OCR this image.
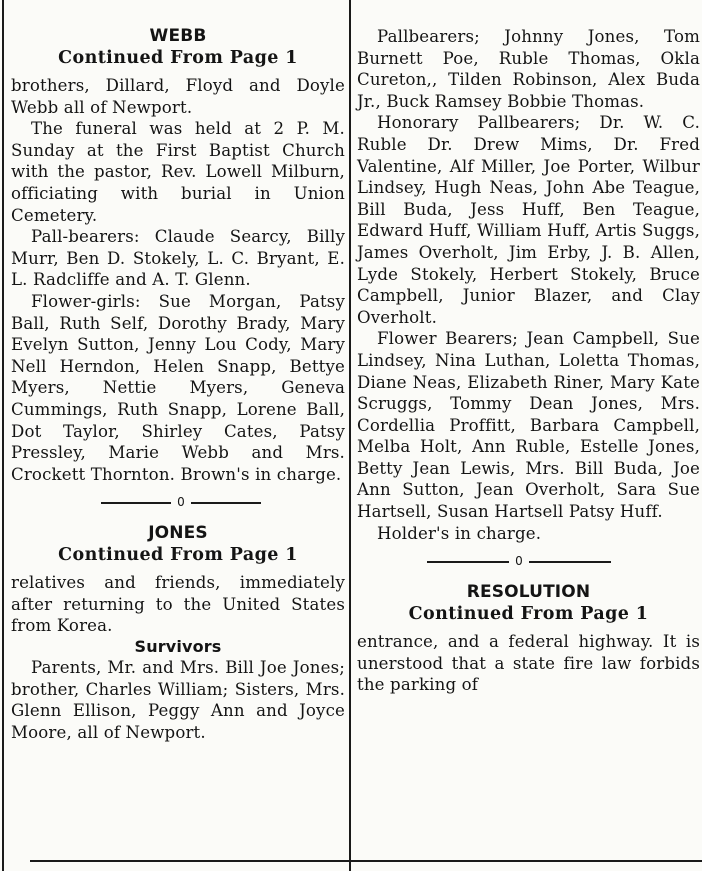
WEBB
Continued From Page 1

brothers, Dillard, Floyd and Doyle Webb all of Newport.

The funeral was held at 2 P. M. Sunday at the First Baptist Church with the pastor, Rev. Lowell Milburn, officiating with burial in Union Cemetery.

Pall-bearers: Claude Searcy, Billy Murr, Ben D. Stokely, L. C. Bryant, E. L. Radcliffe and A. T. Glenn.

Flower-girls: Sue Morgan, Patsy Ball, Ruth Self, Dorothy Brady, Mary Evelyn Sutton, Jenny Lou Cody, Mary Nell Herndon, Helen Snapp, Bettye Myers, Nettie Myers, Geneva Cummings, Ruth Snapp, Lorene Ball, Dot Taylor, Shirley Cates, Patsy Pressley, Marie Webb and Mrs. Crockett Thornton. Brown's in charge.

0
JONES
Continued From Page 1

relatives and friends, immediately after returning to the United States from Korea.

Survivors

Parents, Mr. and Mrs. Bill Joe Jones; brother, Charles William; Sisters, Mrs. Glenn Ellison, Peggy Ann and Joyce Moore, all of Newport.

Pallbearers; Johnny Jones, Tom Burnett Poe, Ruble Thomas, Okla Cureton,, Tilden Robinson, Alex Buda Jr., Buck Ramsey Bobbie Thomas.

Honorary Pallbearers; Dr. W. C. Ruble Dr. Drew Mims, Dr. Fred Valentine, Alf Miller, Joe Porter, Wilbur Lindsey, Hugh Neas, John Abe Teague, Bill Buda, Jess Huff, Ben Teague, Edward Huff, William Huff, Artis Suggs, James Overholt, Jim Erby, J. B. Allen, Lyde Stokely, Herbert Stokely, Bruce Campbell, Junior Blazer, and Clay Overholt.

Flower Bearers; Jean Campbell, Sue Lindsey, Nina Luthan, Loletta Thomas, Diane Neas, Elizabeth Riner, Mary Kate Scruggs, Tommy Dean Jones, Mrs. Cordellia Proffitt, Barbara Campbell, Melba Holt, Ann Ruble, Estelle Jones, Betty Jean Lewis, Mrs. Bill Buda, Joe Ann Sutton, Jean Overholt, Sara Sue Hartsell, Susan Hartsell Patsy Huff.

Holder's in charge.

0
RESOLUTION
Continued From Page 1

entrance, and a federal highway. It is unerstood that a state fire law forbids the parking of
